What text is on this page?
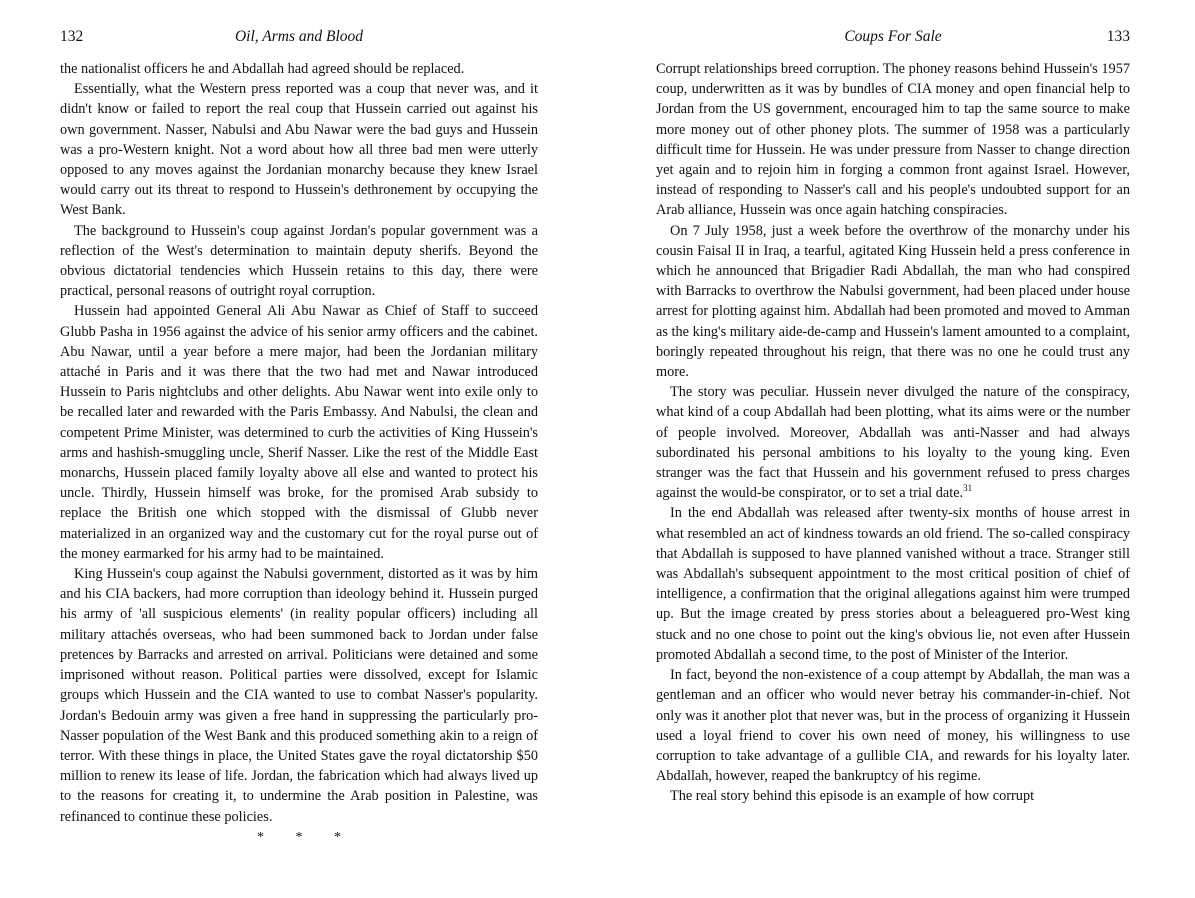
132	Oil, Arms and Blood

the nationalist officers he and Abdallah had agreed should be replaced.

Essentially, what the Western press reported was a coup that never was, and it didn't know or failed to report the real coup that Hussein carried out against his own government. Nasser, Nabulsi and Abu Nawar were the bad guys and Hussein was a pro-Western knight. Not a word about how all three bad men were utterly opposed to any moves against the Jordanian monarchy because they knew Israel would carry out its threat to respond to Hussein's dethronement by occupying the West Bank.

The background to Hussein's coup against Jordan's popular government was a reflection of the West's determination to maintain deputy sherifs. Beyond the obvious dictatorial tendencies which Hussein retains to this day, there were practical, personal reasons of outright royal corruption.

Hussein had appointed General Ali Abu Nawar as Chief of Staff to succeed Glubb Pasha in 1956 against the advice of his senior army officers and the cabinet. Abu Nawar, until a year before a mere major, had been the Jordanian military attaché in Paris and it was there that the two had met and Nawar introduced Hussein to Paris nightclubs and other delights. Abu Nawar went into exile only to be recalled later and rewarded with the Paris Embassy. And Nabulsi, the clean and competent Prime Minister, was determined to curb the activities of King Hussein's arms and hashish-smuggling uncle, Sherif Nasser. Like the rest of the Middle East monarchs, Hussein placed family loyalty above all else and wanted to protect his uncle. Thirdly, Hussein himself was broke, for the promised Arab subsidy to replace the British one which stopped with the dismissal of Glubb never materialized in an organized way and the customary cut for the royal purse out of the money earmarked for his army had to be maintained.

King Hussein's coup against the Nabulsi government, distorted as it was by him and his CIA backers, had more corruption than ideology behind it. Hussein purged his army of 'all suspicious elements' (in reality popular officers) including all military attachés overseas, who had been summoned back to Jordan under false pretences by Barracks and arrested on arrival. Politicians were detained and some imprisoned without reason. Political parties were dissolved, except for Islamic groups which Hussein and the CIA wanted to use to combat Nasser's popularity. Jordan's Bedouin army was given a free hand in suppressing the particularly pro-Nasser population of the West Bank and this produced something akin to a reign of terror. With these things in place, the United States gave the royal dictatorship $50 million to renew its lease of life. Jordan, the fabrication which had always lived up to the reasons for creating it, to undermine the Arab position in Palestine, was refinanced to continue these policies.

* * *
Coups For Sale	133

Corrupt relationships breed corruption. The phoney reasons behind Hussein's 1957 coup, underwritten as it was by bundles of CIA money and open financial help to Jordan from the US government, encouraged him to tap the same source to make more money out of other phoney plots. The summer of 1958 was a particularly difficult time for Hussein. He was under pressure from Nasser to change direction yet again and to rejoin him in forging a common front against Israel. However, instead of responding to Nasser's call and his people's undoubted support for an Arab alliance, Hussein was once again hatching conspiracies.

On 7 July 1958, just a week before the overthrow of the monarchy under his cousin Faisal II in Iraq, a tearful, agitated King Hussein held a press conference in which he announced that Brigadier Radi Abdallah, the man who had conspired with Barracks to overthrow the Nabulsi government, had been placed under house arrest for plotting against him. Abdallah had been promoted and moved to Amman as the king's military aide-de-camp and Hussein's lament amounted to a complaint, boringly repeated throughout his reign, that there was no one he could trust any more.

The story was peculiar. Hussein never divulged the nature of the conspiracy, what kind of a coup Abdallah had been plotting, what its aims were or the number of people involved. Moreover, Abdallah was anti-Nasser and had always subordinated his personal ambitions to his loyalty to the young king. Even stranger was the fact that Hussein and his government refused to press charges against the would-be conspirator, or to set a trial date.$^{31}$

In the end Abdallah was released after twenty-six months of house arrest in what resembled an act of kindness towards an old friend. The so-called conspiracy that Abdallah is supposed to have planned vanished without a trace. Stranger still was Abdallah's subsequent appointment to the most critical position of chief of intelligence, a confirmation that the original allegations against him were trumped up. But the image created by press stories about a beleaguered pro-West king stuck and no one chose to point out the king's obvious lie, not even after Hussein promoted Abdallah a second time, to the post of Minister of the Interior.

In fact, beyond the non-existence of a coup attempt by Abdallah, the man was a gentleman and an officer who would never betray his commander-in-chief. Not only was it another plot that never was, but in the process of organizing it Hussein used a loyal friend to cover his own need of money, his willingness to use corruption to take advantage of a gullible CIA, and rewards for his loyalty later. Abdallah, however, reaped the bankruptcy of his regime.

The real story behind this episode is an example of how corrupt
